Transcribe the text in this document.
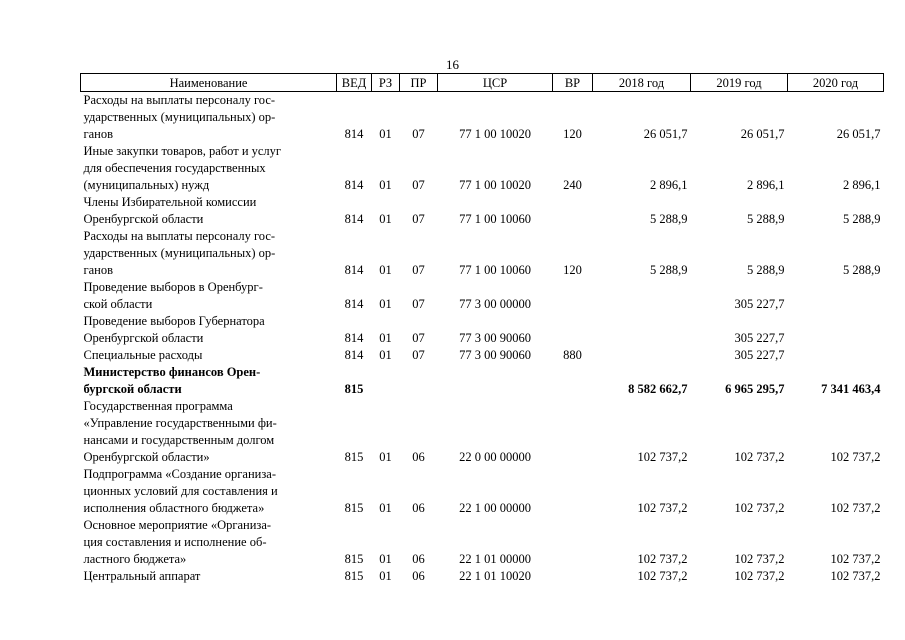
16
Наименование	ВЕД	РЗ	ПР	ЦСР	ВР	2018 год	2019 год	2020 год

Расходы на выплаты персоналу гос-
ударственных (муниципальных) ор-
ганов	814	01	07	77 1 00 10020	120	26 051,7	26 051,7	26 051,7

Иные закупки товаров, работ и услуг
для обеспечения государственных
(муниципальных) нужд	814	01	07	77 1 00 10020	240	2 896,1	2 896,1	2 896,1

Члены Избирательной комиссии
Оренбургской области	814	01	07	77 1 00 10060		5 288,9	5 288,9	5 288,9

Расходы на выплаты персоналу гос-
ударственных (муниципальных) ор-
ганов	814	01	07	77 1 00 10060	120	5 288,9	5 288,9	5 288,9

Проведение выборов в Оренбург-
ской области	814	01	07	77 3 00 00000			305 227,7	

Проведение выборов Губернатора
Оренбургской области	814	01	07	77 3 00 90060			305 227,7	

Специальные расходы	814	01	07	77 3 00 90060	880		305 227,7	

Министерство финансов Орен-
бургской области	815					8 582 662,7	6 965 295,7	7 341 463,4

Государственная программа
«Управление государственными фи-
нансами и государственным долгом
Оренбургской области»	815	01	06	22 0 00 00000		102 737,2	102 737,2	102 737,2

Подпрограмма «Создание организа-
ционных условий для составления и
исполнения областного бюджета»	815	01	06	22 1 00 00000		102 737,2	102 737,2	102 737,2

Основное мероприятие «Организа-
ция составления и исполнение об-
ластного бюджета»	815	01	06	22 1 01 00000		102 737,2	102 737,2	102 737,2

Центральный аппарат	815	01	06	22 1 01 10020		102 737,2	102 737,2	102 737,2
